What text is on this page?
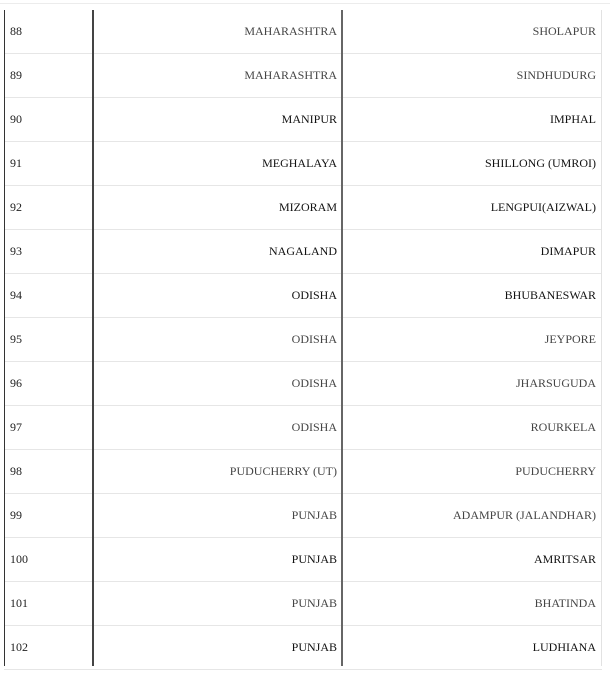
88	MAHARASHTRA	SHOLAPUR
89	MAHARASHTRA	SINDHUDURG
90	MANIPUR	IMPHAL
91	MEGHALAYA	SHILLONG (UMROI)
92	MIZORAM	LENGPUI(AIZWAL)
93	NAGALAND	DIMAPUR
94	ODISHA	BHUBANESWAR
95	ODISHA	JEYPORE
96	ODISHA	JHARSUGUDA
97	ODISHA	ROURKELA
98	PUDUCHERRY (UT)	PUDUCHERRY
99	PUNJAB	ADAMPUR (JALANDHAR)
100	PUNJAB	AMRITSAR
101	PUNJAB	BHATINDA
102	PUNJAB	LUDHIANA
